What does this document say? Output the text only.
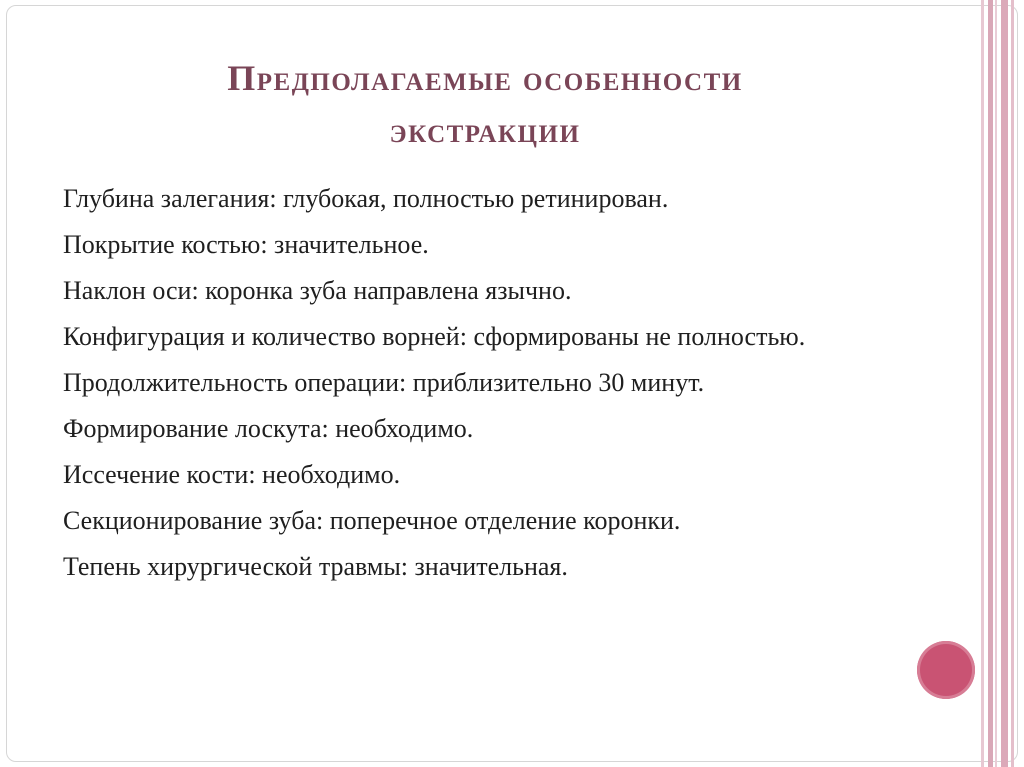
Предполагаемые особенности
экстракции
Глубина залегания: глубокая, полностью ретинирован.
Покрытие костью: значительное.
Наклон оси: коронка зуба направлена язычно.
Конфигурация и количество ворней: сформированы не полностью.
Продолжительность операции: приблизительно 30 минут.
Формирование лоскута: необходимо.
Иссечение кости: необходимо.
Секционирование зуба: поперечное отделение коронки.
Тепень хирургической травмы: значительная.
